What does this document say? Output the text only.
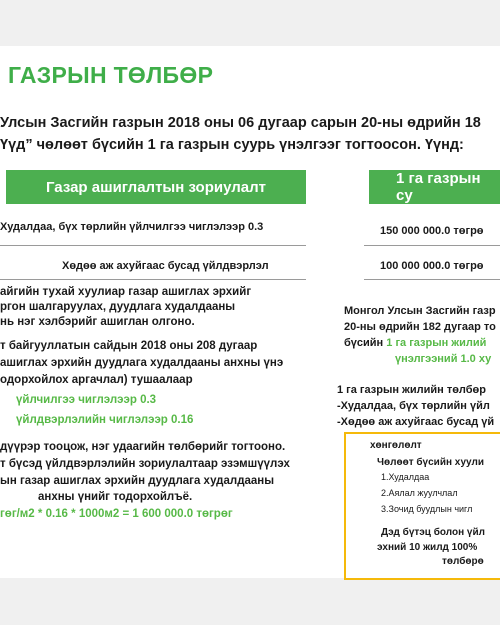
ГАЗРЫН ТӨЛБӨР
Улсын Засгийн газрын 2018 оны 06 дугаар сарын 20-ны өдрийн 18
Үүд” чөлөөт бүсийн 1 га газрын суурь үнэлгээг тогтоосон. Үүнд:
Газар ашиглалтын зориулалт	1 га газрын су
Худалдаа, бүх төрлийн үйлчилгээ чиглэлээр 0.3	150 000 000.0 төгрө
Хөдөө аж ахуйгаас бусад үйлдвэрлэл	100 000 000.0 төгрө
айгийн тухай хуулиар газар ашиглах эрхийг
ргон шалгаруулах, дуудлага худалдааны
нь нэг хэлбэрийг ашиглан олгоно.
т байгууллатын сайдын 2018 оны 208 дугаар
ашиглах эрхийн дуудлага худалдааны анхны үнэ
одорхойлох аргачлал) тушаалаар
үйлчилгээ чиглэлээр 0.3
үйлдвэрлэлийн чиглэлээр 0.16
дүүрэр тооцож, нэг удаагийн төлбөрийг тогтооно.
т бүсэд үйлдвэрлэлийн зориулалтаар эзэмшүүлэх
ын газар ашиглах эрхийн дуудлага худалдааны
анхны үнийг тодорхойлъё.
гөг/м2 * 0.16 * 1000м2 = 1 600 000.0 төгрөг
Монгол Улсын Засгийн газр
20-ны өдрийн 182 дугаар то
бүсийн 1 га газрын жилий
үнэлгээний 1.0 ху
1 га газрын жилийн төлбөр
-Худалдаа, бүх төрлийн үйл
-Хөдөө аж ахуйгаас бусад үй
хөнгөлөлт
Чөлөөт бүсийн хуули
1.Худалдаа
2.Аялал жуулчлал
3.Зочид буудлын чигл
Дэд бүтэц болон үйл
эхний 10 жилд 100%
төлбөрө
